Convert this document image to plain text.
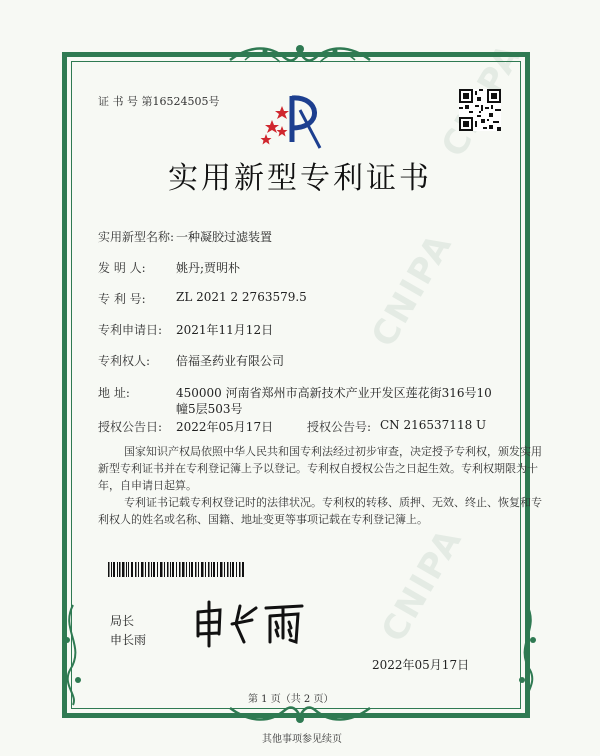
CNIPA
CNIPA
证 书 号 第16524505号
实用新型专利证书
实用新型名称: 一种凝胶过滤装置
发 明 人:	姚丹;贾明朴
专 利 号:	ZL 2021 2 2763579.5
专利申请日: 2021年11月12日
专利权人: 倍福圣药业有限公司
地 址:	450000 河南省郑州市高新技术产业开发区莲花街316号10
幢5层503号
授权公告日: 2022年05月17日	授权公告号: CN 216537118 U
国家知识产权局依照中华人民共和国专利法经过初步审查，决定授予专利权，颁发实用
新型专利证书并在专利登记簿上予以登记。专利权自授权公告之日起生效。专利权期限为十
年，自申请日起算。
专利证书记载专利权登记时的法律状况。专利权的转移、质押、无效、终止、恢复和专
利权人的姓名或名称、国籍、地址变更等事项记载在专利登记簿上。
局长
申长雨
2022年05月17日
第 1 页（共 2 页）
其他事项参见续页
